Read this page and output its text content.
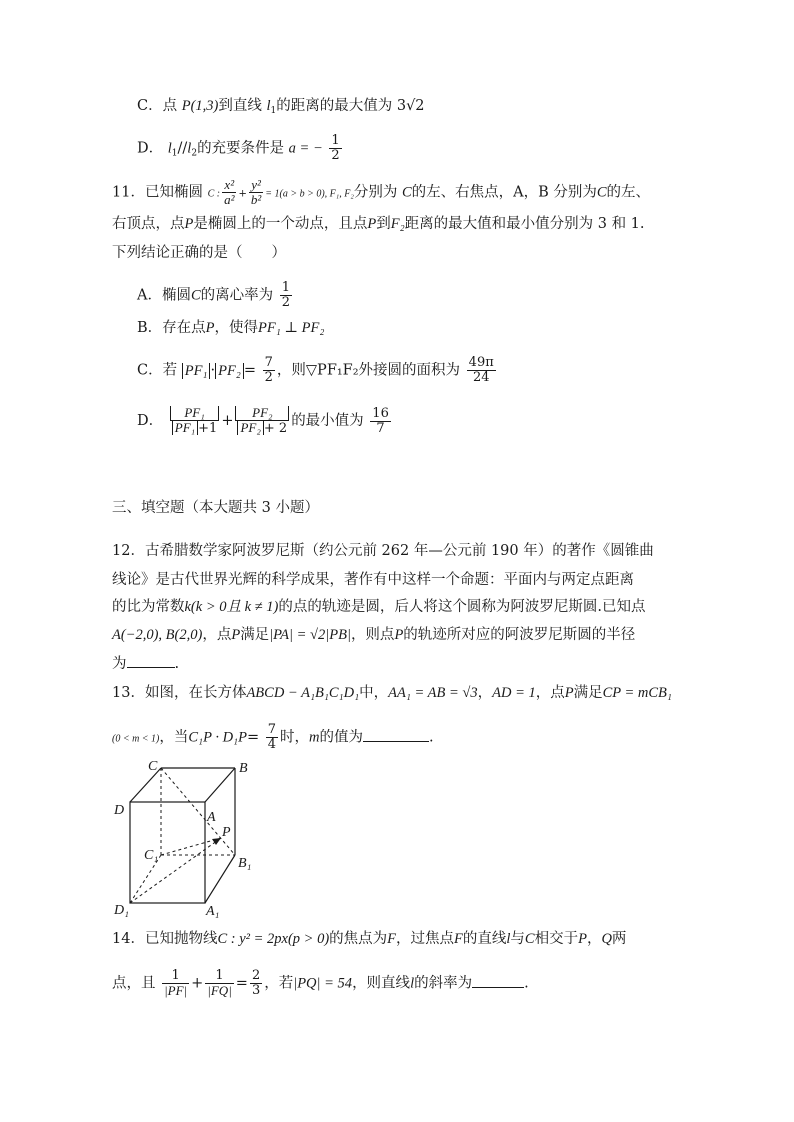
C．点 P(1,3)到直线 $l_1$的距离的最大值为 3√2
D． $l_1//l_2$的充要条件是 a = − $\frac{1}{2}$
11．已知椭圆 C : $\frac{\text{x²}}{\text{a²}} + \frac{\text{y²}}{\text{b²}} = 1(a > b > 0)$, F₁, F₂分别为 C的左、右焦点，A，B 分别为C的左、
右顶点，点P是椭圆上的一个动点，且点P到F₂距离的最大值和最小值分别为 3 和 1.
下列结论正确的是（　　）
A．椭圆C的离心率为 $\frac{1}{2}$
B．存在点P，使得PF₁ ⊥ PF₂
C．若 $PF_1 \cdot PF_2 = \frac{7}{2}$ ，则▽PF₁F₂外接圆的面积为 $\frac{49\pi}{24}$
D． $\frac{\text{PF₁}}{\text{PF₁ +1}} + \frac{\text{PF₂}}{\text{PF₂ + 2}}$ 的最小值为 $\frac{16}{7}$
三、填空题（本大题共 3 小题）
12．古希腊数学家阿波罗尼斯（约公元前 262 年—公元前 190 年）的著作《圆锥曲
线论》是古代世界光辉的科学成果，著作有中这样一个命题：平面内与两定点距离
的比为常数k(k > 0且 k ≠ 1)的点的轨迹是圆，后人将这个圆称为阿波罗尼斯圆.已知点
A(−2,0), B(2,0)，点P满足|PA| = √2|PB|，则点P的轨迹所对应的阿波罗尼斯圆的半径
为	.
13．如图，在长方体ABCD − A₁B₁C₁D₁中，AA₁ = AB = √3，AD = 1，点P满足CP = mCB₁
(0 < m < 1)，当$C_1P \cdot D_1P= \frac{7}{4}$ 时，m的值为	.
C	B
D	A
P
C₁
B₁
D₁	A₁
14．已知抛物线C : y² = 2px(p > 0)的焦点为F，过焦点F的直线l与C相交于P，Q两
点，且 $\frac{1}{|PF|} + \frac{1}{|FQ|} = \frac{2}{3}$ ，若|PQ| = 54，则直线l的斜率为	.
